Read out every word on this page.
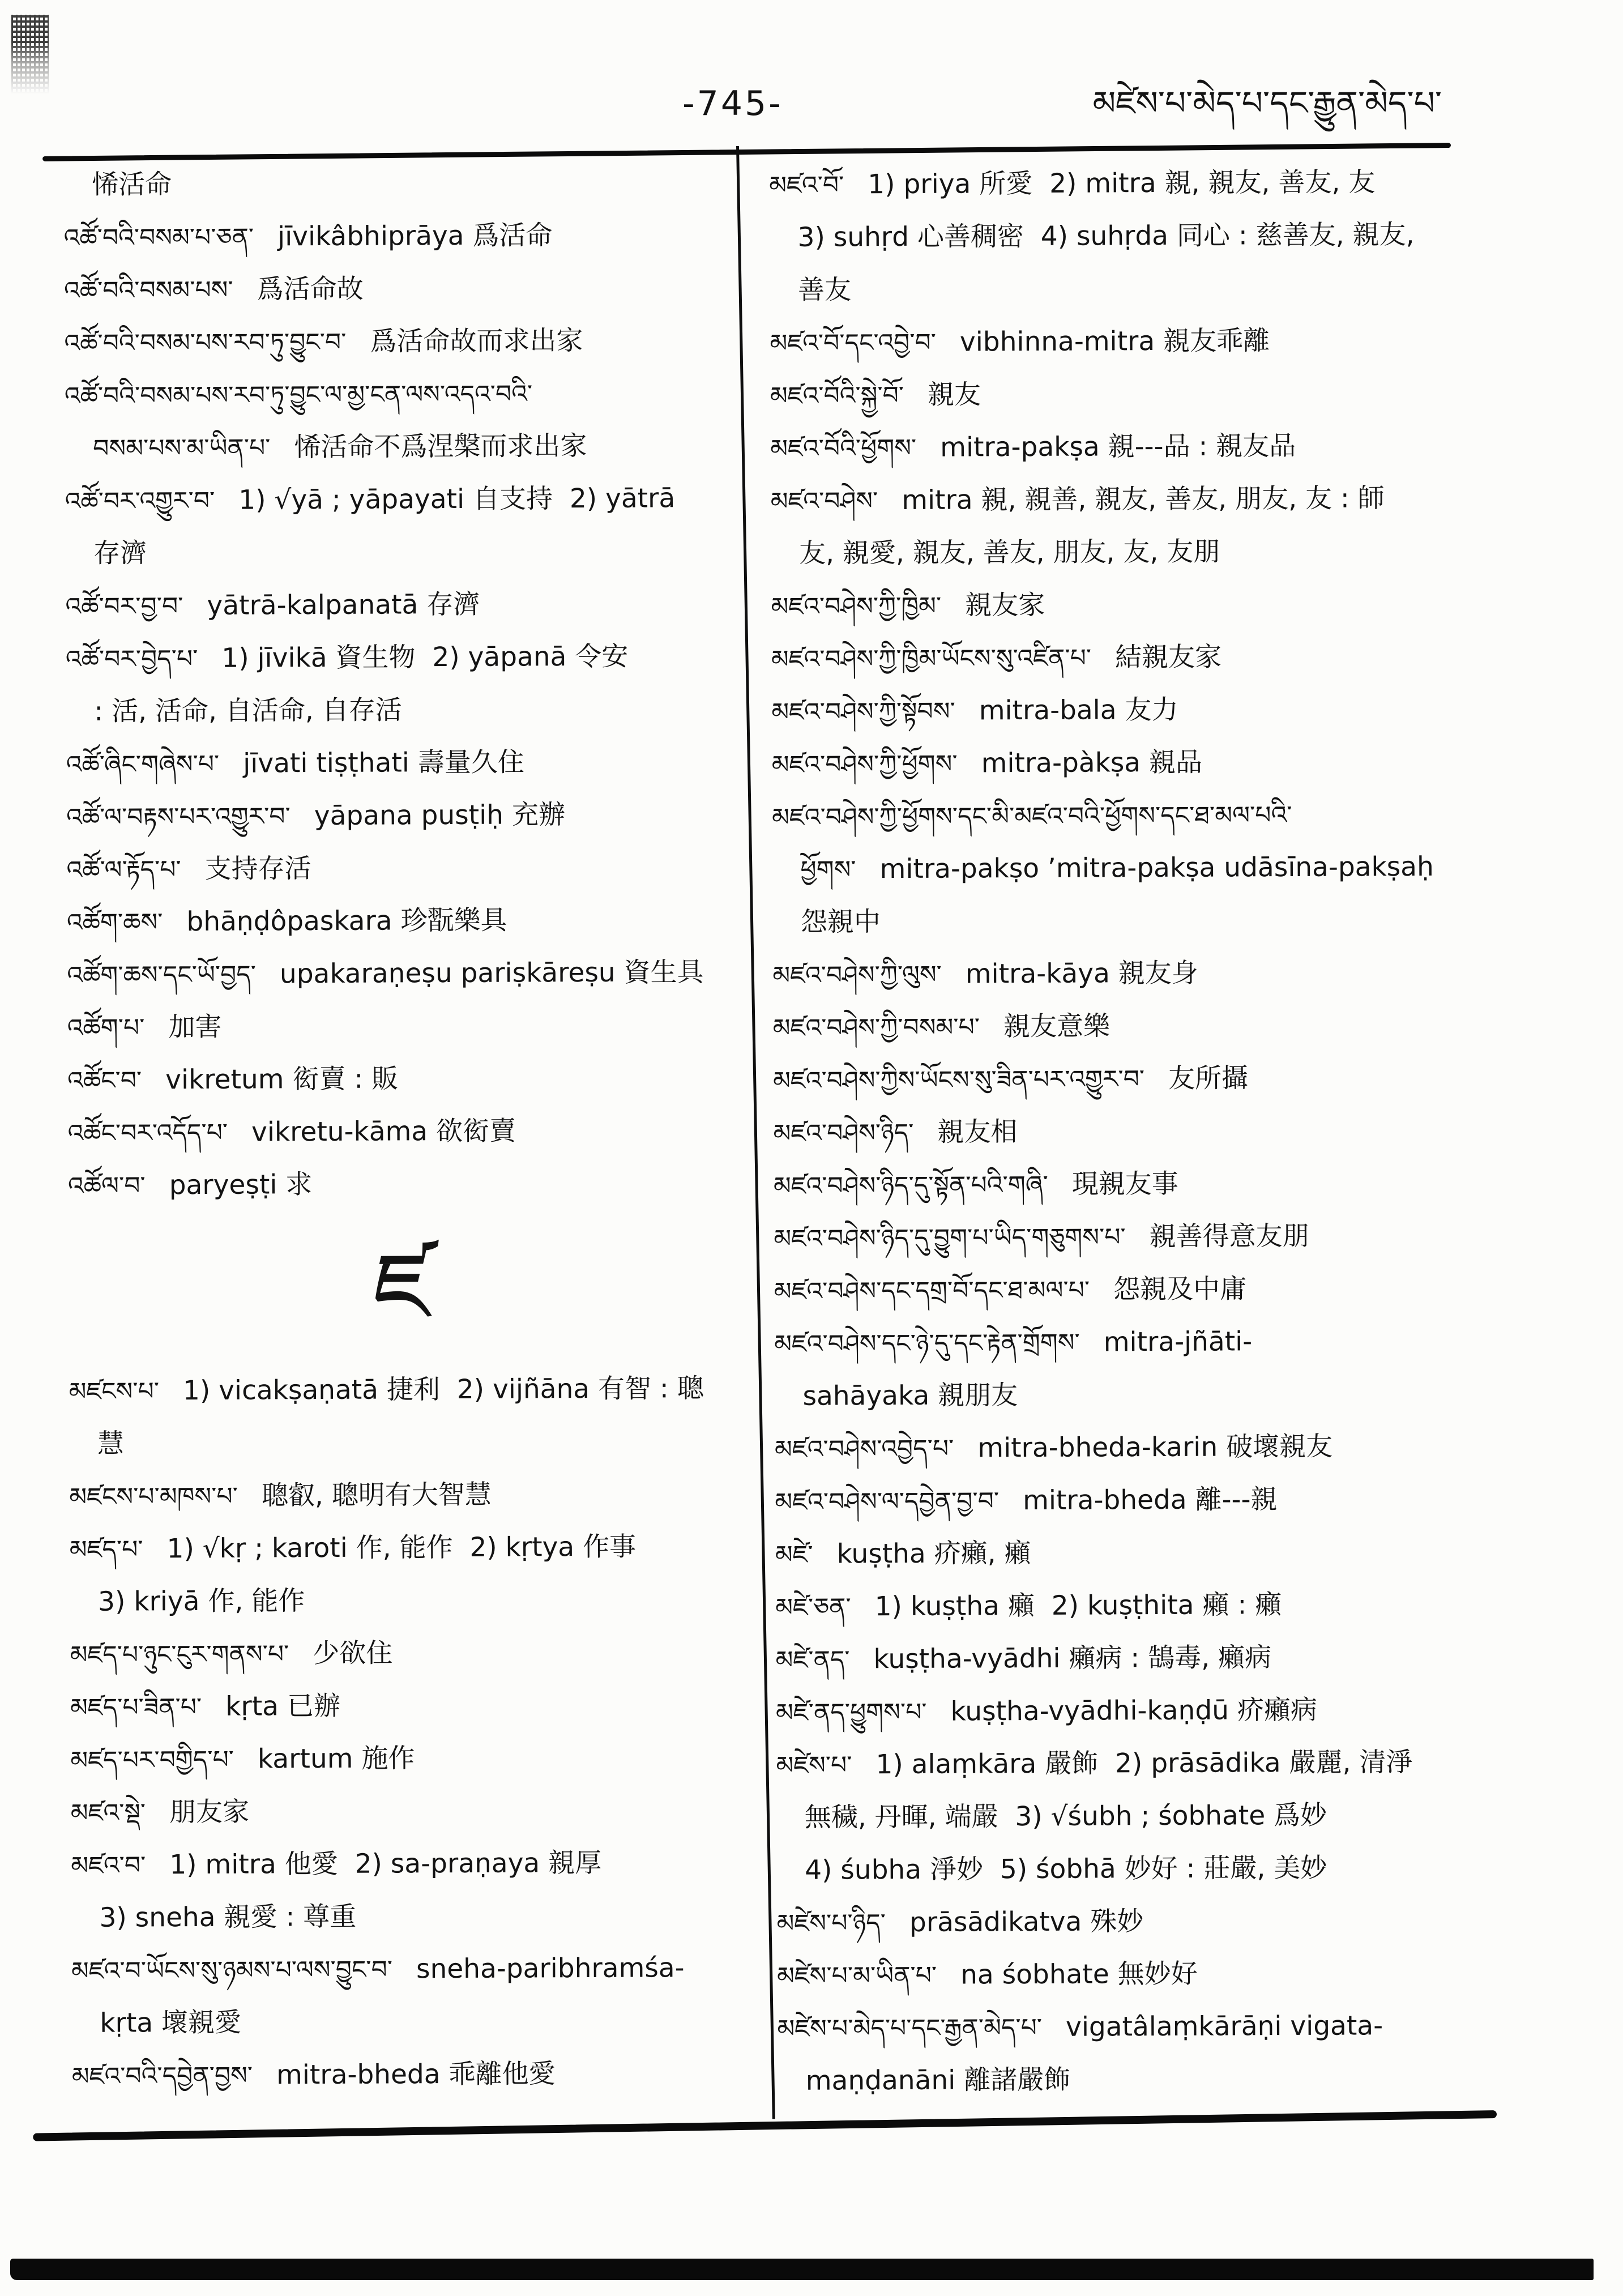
-745-	མཛེས་པ་མེད་པ་དང་རྒྱུན་མེད་པ་
悕活命
འཚོ་བའི་བསམ་པ་ཅན་ jīvikâbhiprāya 爲活命
འཚོ་བའི་བསམ་པས་ 爲活命故
འཚོ་བའི་བསམ་པས་རབ་ཏུ་བྱུང་བ་ 爲活命故而求出家
འཚོ་བའི་བསམ་པས་རབ་ཏུ་བྱུང་ལ་མྱ་ངན་ལས་འདའ་བའི་
བསམ་པས་མ་ཡིན་པ་ 悕活命不爲涅槃而求出家
འཚོ་བར་འགྱུར་བ་ 1) √yā ; yāpayati 自支持  2) yātrā
存濟
འཚོ་བར་བྱ་བ་ yātrā-kalpanatā 存濟
འཚོ་བར་བྱེད་པ་ 1) jīvikā 資生物  2) yāpanā 令安
: 活, 活命, 自活命, 自存活
འཚོ་ཞིང་གཞེས་པ་ jīvati tiṣṭhati 壽量久住
འཚོ་ལ་བརྟས་པར་འགྱུར་བ་ yāpana pusṭiḥ 充辦
འཚོ་ལ་རྟོད་པ་ 支持存活
འཚོག་ཆས་ bhāṇḍôpaskara 珍翫樂具
འཚོག་ཆས་དང་ཡོ་བྱད་ upakaraṇeṣu pariṣkāreṣu 資生具
འཚོག་པ་ 加害
འཚོང་བ་ vikretum 衒賣 : 販
འཚོང་བར་འདོད་པ་ vikretu-kāma 欲衒賣
འཚོལ་བ་ paryeṣṭi 求
ཛ
མཛངས་པ་ 1) vicakṣaṇatā 捷利  2) vijñāna 有智 : 聰
慧
མཛངས་པ་མཁས་པ་ 聰叡, 聰明有大智慧
མཛད་པ་ 1) √kṛ ; karoti 作, 能作  2) kṛtya 作事
3) kriyā 作, 能作
མཛད་པ་ཉུང་ངུར་གནས་པ་ 少欲住
མཛད་པ་ཟིན་པ་ kṛta 已辦
མཛད་པར་བགྱིད་པ་ kartum 施作
མཛའ་སྡེ་ 朋友家
མཛའ་བ་ 1) mitra 他愛  2) sa-praṇaya 親厚
3) sneha 親愛 : 尊重
མཛའ་བ་ཡོངས་སུ་ཉམས་པ་ལས་བྱུང་བ་ sneha-paribhramśa-
kṛta 壞親愛
མཛའ་བའི་དབྱེན་བྱས་ mitra-bheda 乖離他愛
མཛའ་བོ་ 1) priya 所愛  2) mitra 親, 親友, 善友, 友
3) suhṛd 心善稠密  4) suhṛda 同心 : 慈善友, 親友,
善友
མཛའ་བོ་དང་འབྱེ་བ་ vibhinna-mitra 親友乖離
མཛའ་བོའི་སྐྱེ་བོ་ 親友
མཛའ་བོའི་ཕྱོགས་ mitra-pakṣa 親---品 : 親友品
མཛའ་བཤེས་ mitra 親, 親善, 親友, 善友, 朋友, 友 : 師
友, 親愛, 親友, 善友, 朋友, 友, 友朋
མཛའ་བཤེས་ཀྱི་ཁྱིམ་ 親友家
མཛའ་བཤེས་ཀྱི་ཁྱིམ་ཡོངས་སུ་འཛིན་པ་ 結親友家
མཛའ་བཤེས་ཀྱི་སྟོབས་ mitra-bala 友力
མཛའ་བཤེས་ཀྱི་ཕྱོགས་ mitra-pàkṣa 親品
མཛའ་བཤེས་ཀྱི་ཕྱོགས་དང་མི་མཛའ་བའི་ཕྱོགས་དང་ཐ་མལ་པའི་
ཕྱོགས་ mitra-pakṣo ’mitra-pakṣa udāsīna-pakṣaḥ
怨親中
མཛའ་བཤེས་ཀྱི་ལུས་ mitra-kāya 親友身
མཛའ་བཤེས་ཀྱི་བསམ་པ་ 親友意樂
མཛའ་བཤེས་ཀྱིས་ཡོངས་སུ་ཟིན་པར་འགྱུར་བ་ 友所攝
མཛའ་བཤེས་ཉིད་ 親友相
མཛའ་བཤེས་ཉིད་དུ་སྟོན་པའི་གཞི་ 現親友事
མཛའ་བཤེས་ཉིད་དུ་བྱུག་པ་ཡིད་གཅུགས་པ་ 親善得意友朋
མཛའ་བཤེས་དང་དགྲ་བོ་དང་ཐ་མལ་པ་ 怨親及中庸
མཛའ་བཤེས་དང་ཉེ་དུ་དང་རྟེན་གྲོགས་ mitra-jñāti-
sahāyaka 親朋友
མཛའ་བཤེས་འབྱེད་པ་ mitra-bheda-karin 破壞親友
མཛའ་བཤེས་ལ་དབྱེན་བྱ་བ་ mitra-bheda 離---親
མཛེ་ kuṣṭha 疥癩, 癩
མཛེ་ཅན་ 1) kuṣṭha 癩  2) kuṣṭhita 癩 : 癩
མཛེ་ནད་ kuṣṭha-vyādhi 癩病 : 鵠毒, 癩病
མཛེ་ནད་ཕྱུགས་པ་ kuṣṭha-vyādhi-kaṇḍū 疥癩病
མཛེས་པ་ 1) alaṃkāra 嚴飾  2) prāsādika 嚴麗, 清淨
無穢, 丹暉, 端嚴  3) √śubh ; śobhate 爲妙
4) śubha 淨妙  5) śobhā 妙好 : 莊嚴, 美妙
མཛེས་པ་ཉིད་ prāsādikatva 殊妙
མཛེས་པ་མ་ཡིན་པ་ na śobhate 無妙好
མཛེས་པ་མེད་པ་དང་རྒྱན་མེད་པ་ vigatâlaṃkārāṇi vigata-
maṇḍanāni 離諸嚴飾
